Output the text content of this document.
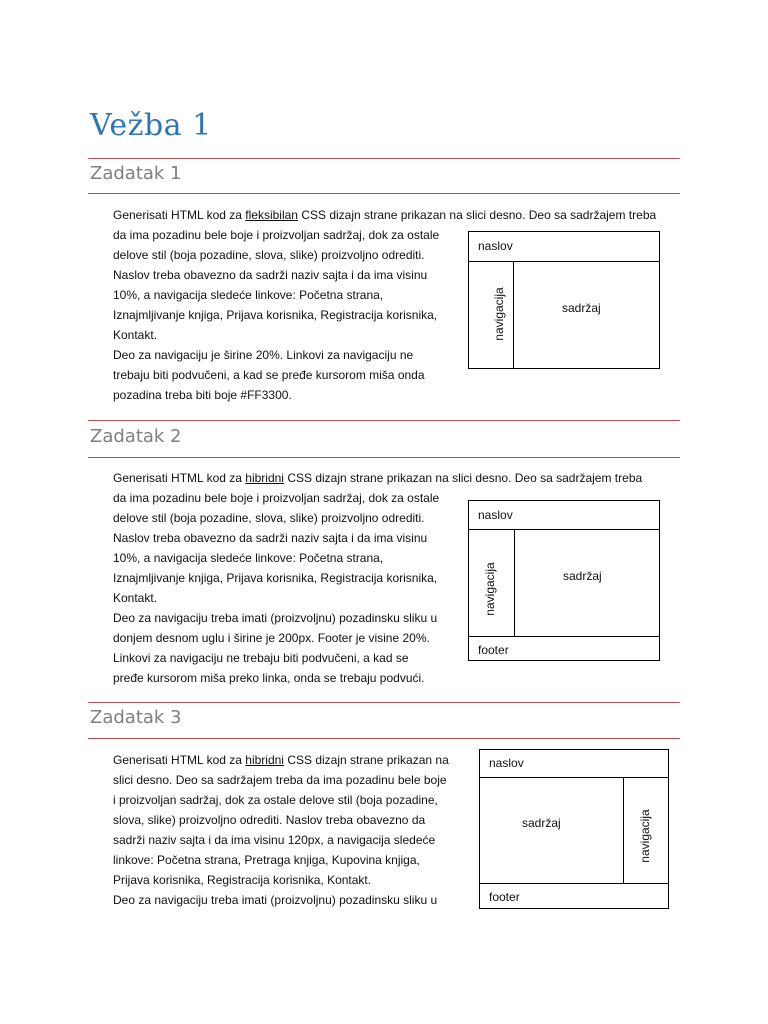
Vežba 1
Zadatak 1
Generisati HTML kod za fleksibilan CSS dizajn strane prikazan na slici desno. Deo sa sadržajem treba
da ima pozadinu bele boje i proizvoljan sadržaj, dok za ostale
delove stil (boja pozadine, slova, slike) proizvoljno odrediti.
Naslov treba obavezno da sadrži naziv sajta i da ima visinu
10%, a navigacija sledeće linkove: Početna strana,
Iznajmljivanje knjiga, Prijava korisnika, Registracija korisnika,
Kontakt.
Deo za navigaciju je širine 20%. Linkovi za navigaciju ne
trebaju biti podvučeni, a kad se pređe kursorom miša onda
pozadina treba biti boje #FF3300.
naslov
navigacija	sadržaj
Zadatak 2
Generisati HTML kod za hibridni CSS dizajn strane prikazan na slici desno. Deo sa sadržajem treba
da ima pozadinu bele boje i proizvoljan sadržaj, dok za ostale
delove stil (boja pozadine, slova, slike) proizvoljno odrediti.
Naslov treba obavezno da sadrži naziv sajta i da ima visinu
10%, a navigacija sledeće linkove: Početna strana,
Iznajmljivanje knjiga, Prijava korisnika, Registracija korisnika,
Kontakt.
Deo za navigaciju treba imati (proizvoljnu) pozadinsku sliku u
donjem desnom uglu i širine je 200px. Footer je visine 20%.
Linkovi za navigaciju ne trebaju biti podvučeni, a kad se
pređe kursorom miša preko linka, onda se trebaju podvući.
naslov
navigacija	sadržaj
footer
Zadatak 3
Generisati HTML kod za hibridni CSS dizajn strane prikazan na
slici desno. Deo sa sadržajem treba da ima pozadinu bele boje
i proizvoljan sadržaj, dok za ostale delove stil (boja pozadine,
slova, slike) proizvoljno odrediti. Naslov treba obavezno da
sadrži naziv sajta i da ima visinu 120px, a navigacija sledeće
linkove: Početna strana, Pretraga knjiga, Kupovina knjiga,
Prijava korisnika, Registracija korisnika, Kontakt.
Deo za navigaciju treba imati (proizvoljnu) pozadinsku sliku u
naslov
navigacija
sadržaj
footer
